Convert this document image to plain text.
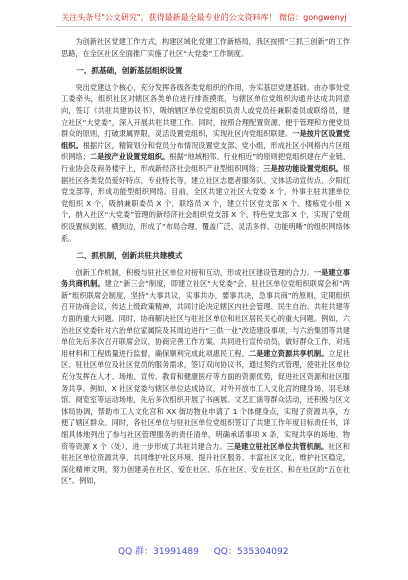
关注头条号"公文研究"，获得最新最全最专业的公文资料库！ 微信：gongwenyj

为创新社区党建工作方式，构建区域化党建工作新格局，我区按照“三抓三创新”的工作思路，在全区社区全面推广实施了社区“大党委”工作制度。

一、抓基础，创新基层组织设置

突出党建这个核心，充分发挥各级各类党组织的作用，夯实基层党建基础。由办事处党工委牵头，组织社区对辖区各类单位进行排查摸底，与辖区单位党组织沟通并达成共同意向，签订《共驻共建协议书》，吸纳辖区单位党组织负责人或党员任兼职委员或联络员，建立社区“大党委”，深入开展共驻共建工作。同时，按照合理配置资源、便于管理和方便党员群众的原则，打破隶属界限，灵活设置党组织，实现社区内党组织联建。一是按片区设置党组织。根据片区，精简划分和党员分布情况设置党支部、党小组，形成社区小网格内片区组织网络；二是按产业设置党组织。根据“地域相邻、行业相近”的原则把党组织建在产业链、行业协会及商务楼宇上，形成新经济社会组织产业型组织网络；三是按功能设置党组织。根据社区各类党员爱好特点、专业特长等，建立社区志愿者服务队、文体活动宣传点、夕阳红党支部等，形成功能型组织网络。目前，全区共建立社区大党委 X 个，外事主驻共建单位党组织 X 个，吸纳兼职委员 X 个，联络员 X 个，建立片区党支部 X 个、楼栋党小组 X 个，纳入社区“大党委”管理的新经济社会组织党支部 X 个、特色党支部 X 个，实现了党组织设置纵到底、横到边，形成了“布局合理、覆盖广泛、灵活多样、功能明晰”的组织网络体系。

二、抓机制，创新共驻共建模式

创新工作机制，积极与驻社区单位对接和互动，形成社区建设管理的合力。一是建立事务共商机制。建立“新三会”制度，即建立社区“大党委”会、驻社区单位党组织联席会和“两新”组织联席会制度，坚持“大事共议，实事共办，要事共决，急事共商”的原则，定期组织召开协商会议，传达上级政策精神，共同讨论决定辖区内社会管理、民生自治、共驻共建等方面的重大问题。同时，协商解决社区与驻社区单位和社区居民关心的重大问题。例如，六治社区党委针对六治单位家属院及其周边进行“三供一业”改造建设事项，与六治集团等共建单位先后多次召开联席会议，协商完善工作方案，共同进行宣传动员，做好群众工作，对违用材料和工程质量进行监督，确保顺利完成此项惠民工程。二是建立资源共享机制。立足社区、驻社区单位及社区党员的服务需求，签订双向协议书，通过契约式管理，使驻社区单位充分发挥在人才、场地、宣传、教育和健康医疗等方面的资源优势，促进社区资源和社区服务共享。例如，X 社区党委与辖区单位达成协议，对外开放市工人文化宫的健身场、羽毛球馆、阅览室等运动场地，先后多次组织开展了书画展、文艺汇演等群众活动，还积极与区文体局协调，帮助市工人文化宫和 XX 街坊物业申请了 1 个体健身点，实现了资源共享，方便了辖区群众。同时，各社区单位与驻社区单位党组织签订了共建工作年度目标责任书，详细具体地列出了参与社区管理服务的责任清单，明确承诺事项 X 条，实现共享的场地、物资等资源 X 个（处），进一步形成了共驻共建合力。三是建立驻社区单位共管机制。社区和驻社区单位资源共享、共同维护社区环境、提升社区服务、丰富社区文化，维护社区稳定，深化精神文明，努力创建美在社区、爱在社区、乐在社区、安在社区、和在社区的“五在社区”。例如，

QQ 群：31991489 QQ：535304092
